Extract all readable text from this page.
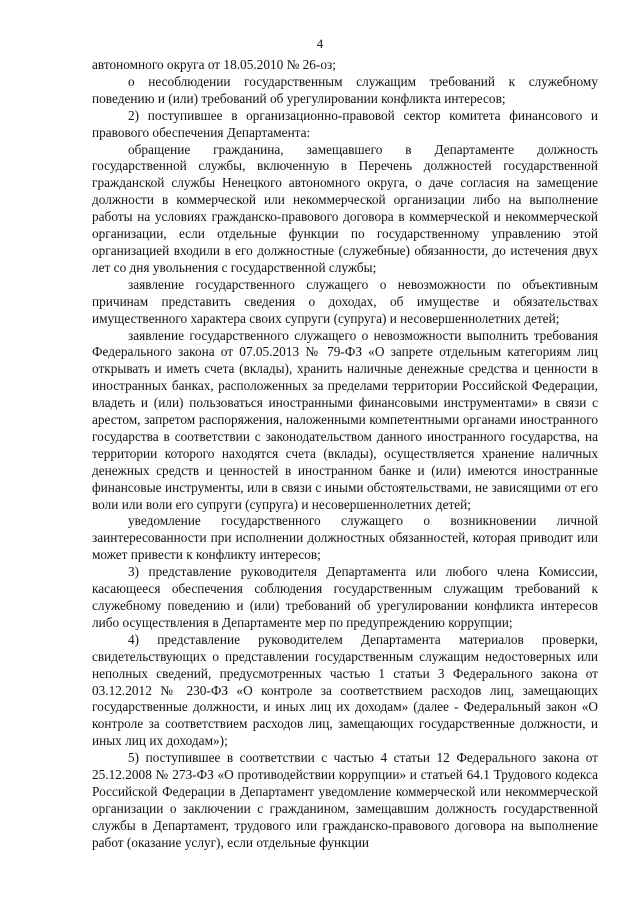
4

автономного округа от 18.05.2010 № 26-оз;

о несоблюдении государственным служащим требований к служебному поведению и (или) требований об урегулировании конфликта интересов;

2) поступившее в организационно-правовой сектор комитета финансового и правового обеспечения Департамента:

обращение гражданина, замещавшего в Департаменте должность государственной службы, включенную в Перечень должностей государственной гражданской службы Ненецкого автономного округа, о даче согласия на замещение должности в коммерческой или некоммерческой организации либо на выполнение работы на условиях гражданско-правового договора в коммерческой и некоммерческой организации, если отдельные функции по государственному управлению этой организацией входили в его должностные (служебные) обязанности, до истечения двух лет со дня увольнения с государственной службы;

заявление государственного служащего о невозможности по объективным причинам представить сведения о доходах, об имуществе и обязательствах имущественного характера своих супруги (супруга) и несовершеннолетних детей;

заявление государственного служащего о невозможности выполнить требования Федерального закона от 07.05.2013 № 79-ФЗ «О запрете отдельным категориям лиц открывать и иметь счета (вклады), хранить наличные денежные средства и ценности в иностранных банках, расположенных за пределами территории Российской Федерации, владеть и (или) пользоваться иностранными финансовыми инструментами» в связи с арестом, запретом распоряжения, наложенными компетентными органами иностранного государства в соответствии с законодательством данного иностранного государства, на территории которого находятся счета (вклады), осуществляется хранение наличных денежных средств и ценностей в иностранном банке и (или) имеются иностранные финансовые инструменты, или в связи с иными обстоятельствами, не зависящими от его воли или воли его супруги (супруга) и несовершеннолетних детей;

уведомление государственного служащего о возникновении личной заинтересованности при исполнении должностных обязанностей, которая приводит или может привести к конфликту интересов;

3) представление руководителя Департамента или любого члена Комиссии, касающееся обеспечения соблюдения государственным служащим требований к служебному поведению и (или) требований об урегулировании конфликта интересов либо осуществления в Департаменте мер по предупреждению коррупции;

4) представление руководителем Департамента материалов проверки, свидетельствующих о представлении государственным служащим недостоверных или неполных сведений, предусмотренных частью 1 статьи 3 Федерального закона от 03.12.2012 № 230-ФЗ «О контроле за соответствием расходов лиц, замещающих государственные должности, и иных лиц их доходам» (далее - Федеральный закон «О контроле за соответствием расходов лиц, замещающих государственные должности, и иных лиц их доходам»);

5) поступившее в соответствии с частью 4 статьи 12 Федерального закона от 25.12.2008 № 273-ФЗ «О противодействии коррупции» и статьей 64.1 Трудового кодекса Российской Федерации в Департамент уведомление коммерческой или некоммерческой организации о заключении с гражданином, замещавшим должность государственной службы в Департамент, трудового или гражданско-правового договора на выполнение работ (оказание услуг), если отдельные функции
